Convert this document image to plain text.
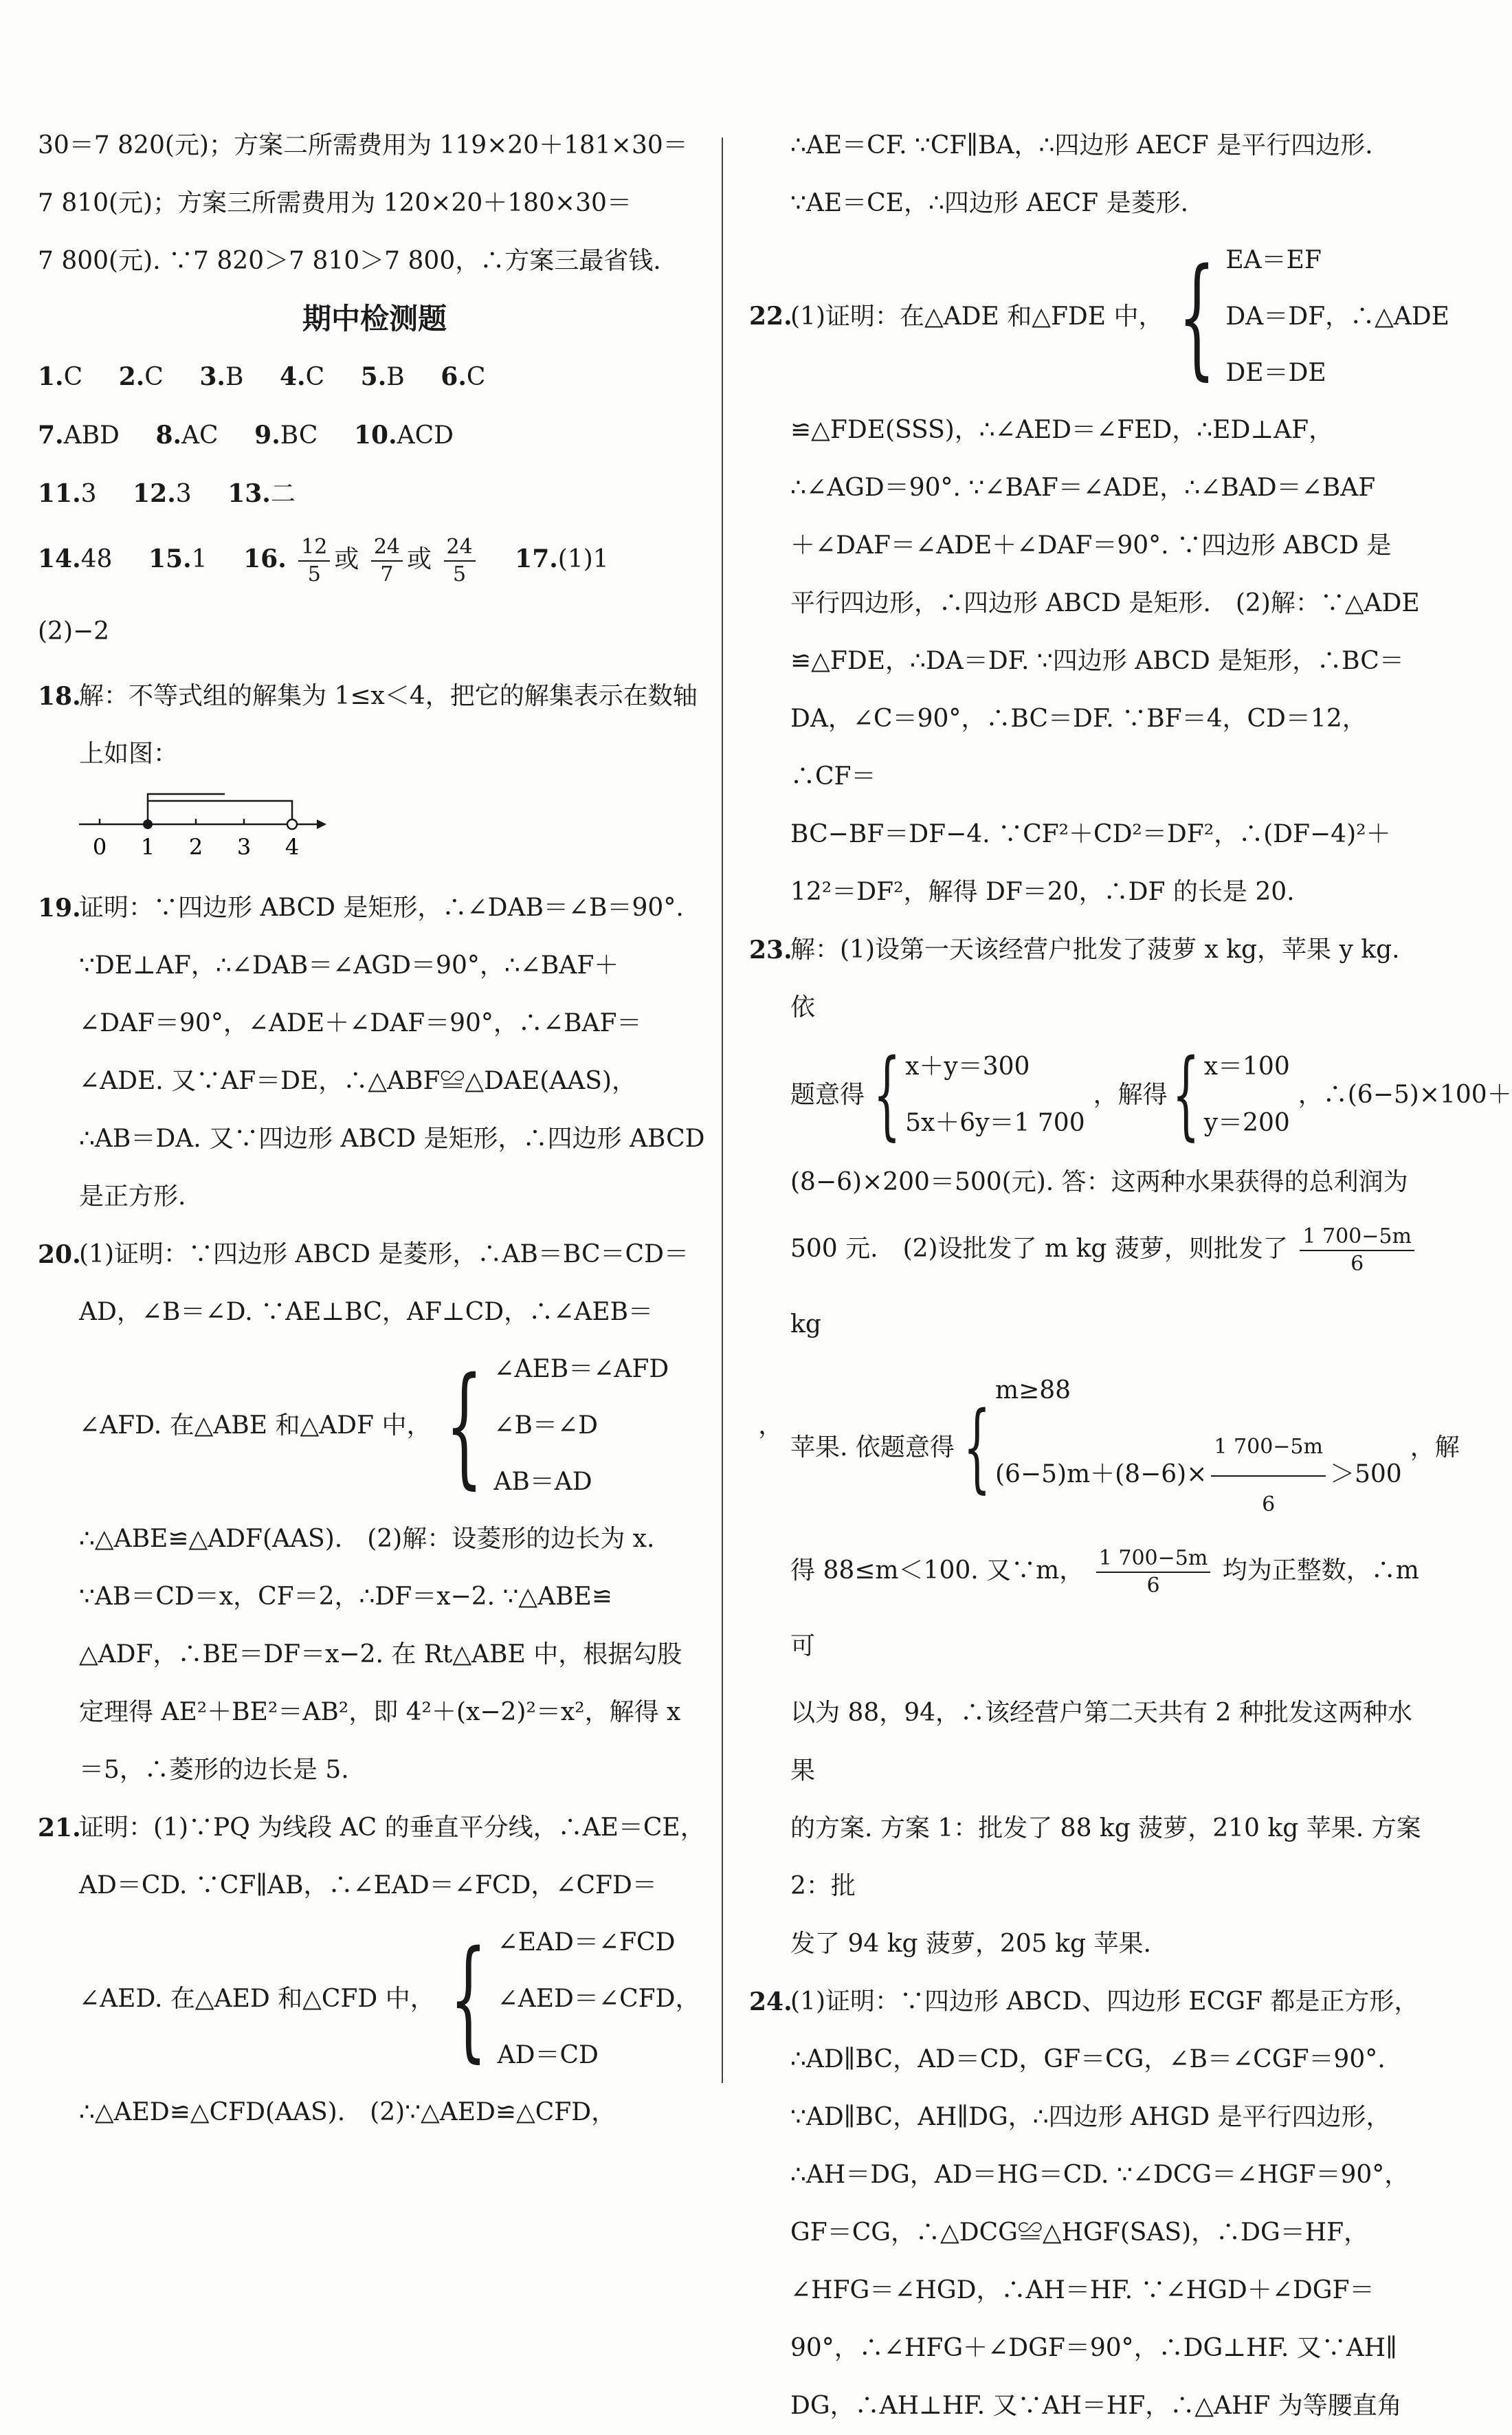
30＝7 820(元)；方案二所需费用为 119×20＋181×30＝

7 810(元)；方案三所需费用为 120×20＋180×30＝

7 800(元). ∵7 820＞7 810＞7 800，∴方案三最省钱.

期中检测题

1.C 2.C 3.B 4.C 5.B 6.C

7.ABD 8.AC 9.BC 10.ACD

11.3 12.3 13.二

14.48 15.1 16. $\frac{12}{5}$ 或 $\frac{24}{7}$ 或 $\frac{24}{5} 17.(1)1$　(2)−2

18.
解：不等式组的解集为 1≤x＜4，把它的解集表示在数轴
上如图：
0 1 2 3 4
19.
证明：∵四边形 ABCD 是矩形，∴∠DAB＝∠B＝90°.
∵DE⊥AF，∴∠DAB＝∠AGD＝90°，∴∠BAF＋
∠DAF＝90°，∠ADE＋∠DAF＝90°，∴∠BAF＝
∠ADE. 又∵AF＝DE，∴△ABF≌△DAE(AAS)，
∴AB＝DA. 又∵四边形 ABCD 是矩形，∴四边形 ABCD
是正方形.
20.
(1)证明：∵四边形 ABCD 是菱形，∴AB＝BC＝CD＝
AD，∠B＝∠D. ∵AE⊥BC，AF⊥CD，∴∠AEB＝
∠AFD. 在△ABE 和△ADF 中， { ∠AEB＝∠AFD
∠B＝∠D
AB＝AD
，
∴△ABE≌△ADF(AAS).　(2)解：设菱形的边长为 x.
∵AB＝CD＝x，CF＝2，∴DF＝x−2. ∵△ABE≌
△ADF，∴BE＝DF＝x−2. 在 Rt△ABE 中，根据勾股
定理得 AE²＋BE²＝AB²，即 4²＋(x−2)²＝x²，解得 x
＝5，∴菱形的边长是 5.
21.
证明：(1)∵PQ 为线段 AC 的垂直平分线，∴AE＝CE，
AD＝CD. ∵CF∥AB，∴∠EAD＝∠FCD，∠CFD＝
∠AED. 在△AED 和△CFD 中， { ∠EAD＝∠FCD
∠AED＝∠CFD，
AD＝CD
∴△AED≌△CFD(AAS).　(2)∵△AED≌△CFD，

∴AE＝CF. ∵CF∥BA，∴四边形 AECF 是平行四边形.
∵AE＝CE，∴四边形 AECF 是菱形.

22.
(1)证明：在△ADE 和△FDE 中， { EA＝EF
DA＝DF，∴△ADE
DE＝DE
≌△FDE(SSS)，∴∠AED＝∠FED，∴ED⊥AF，
∴∠AGD＝90°. ∵∠BAF＝∠ADE，∴∠BAD＝∠BAF
＋∠DAF＝∠ADE＋∠DAF＝90°. ∵四边形 ABCD 是
平行四边形，∴四边形 ABCD 是矩形.　(2)解：∵△ADE
≌△FDE，∴DA＝DF. ∵四边形 ABCD 是矩形，∴BC＝
DA，∠C＝90°，∴BC＝DF. ∵BF＝4，CD＝12，∴CF＝
BC−BF＝DF−4. ∵CF²＋CD²＝DF²，∴(DF−4)²＋
12²＝DF²，解得 DF＝20，∴DF 的长是 20.
23.
解：(1)设第一天该经营户批发了菠萝 x kg，苹果 y kg. 依
题意得 { x＋y＝300
5x＋6y＝1 700
，解得 { x＝100
y＝200
，∴(6−5)×100＋
(8−6)×200＝500(元). 答：这两种水果获得的总利润为
500 元.　(2)设批发了 m kg 菠萝，则批发了 $\frac{1 700-5m}{6}$
kg
苹果. 依题意得 {
m≥88
$(6-5)m+(8-6)\times \frac{1 700-5m}{6} >500$
，解
得 88≤m＜100. 又∵m， $\frac{1 700-5m}{6}$ 均为正整数，∴m 可
以为 88，94，∴该经营户第二天共有 2 种批发这两种水果
的方案. 方案 1：批发了 88 kg 菠萝，210 kg 苹果. 方案 2：批
发了 94 kg 菠萝，205 kg 苹果.
24.
(1)证明：∵四边形 ABCD、四边形 ECGF 都是正方形，
∴AD∥BC，AD＝CD，GF＝CG，∠B＝∠CGF＝90°.
∵AD∥BC，AH∥DG，∴四边形 AHGD 是平行四边形，
∴AH＝DG，AD＝HG＝CD. ∵∠DCG＝∠HGF＝90°，
GF＝CG，∴△DCG≌△HGF(SAS)，∴DG＝HF，
∠HFG＝∠HGD，∴AH＝HF. ∵∠HGD＋∠DGF＝
90°，∴∠HFG＋∠DGF＝90°，∴DG⊥HF. 又∵AH∥
DG，∴AH⊥HF. 又∵AH＝HF，∴△AHF 为等腰直角
